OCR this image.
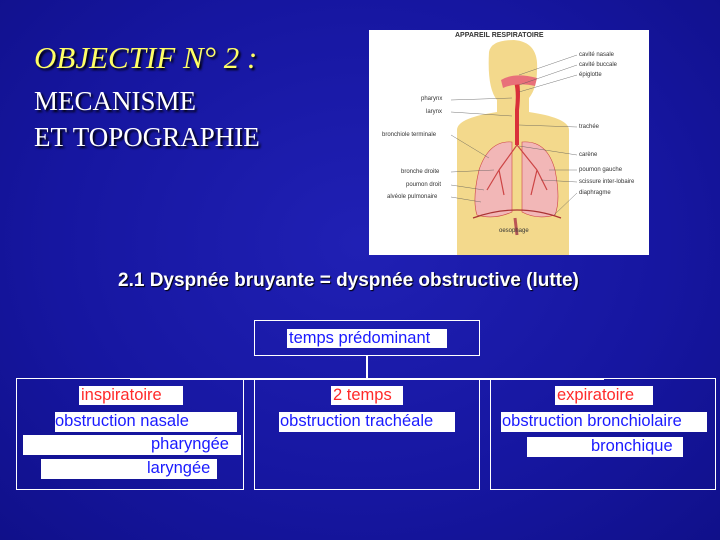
OBJECTIF N° 2 :
MECANISME
ET TOPOGRAPHIE
APPAREIL RESPIRATOIRE
pharynx
larynx
bronchiole terminale
bronche droite
poumon droit
alvéole pulmonaire
cavité nasale
cavité buccale
épiglotte
trachée
carène
poumon gauche
scissure inter-lobaire
diaphragme
oesophage
2.1 Dyspnée bruyante = dyspnée obstructive (lutte)
temps prédominant
inspiratoire
obstruction nasale
pharyngée
laryngée
2 temps
obstruction trachéale
expiratoire
obstruction bronchiolaire
bronchique
